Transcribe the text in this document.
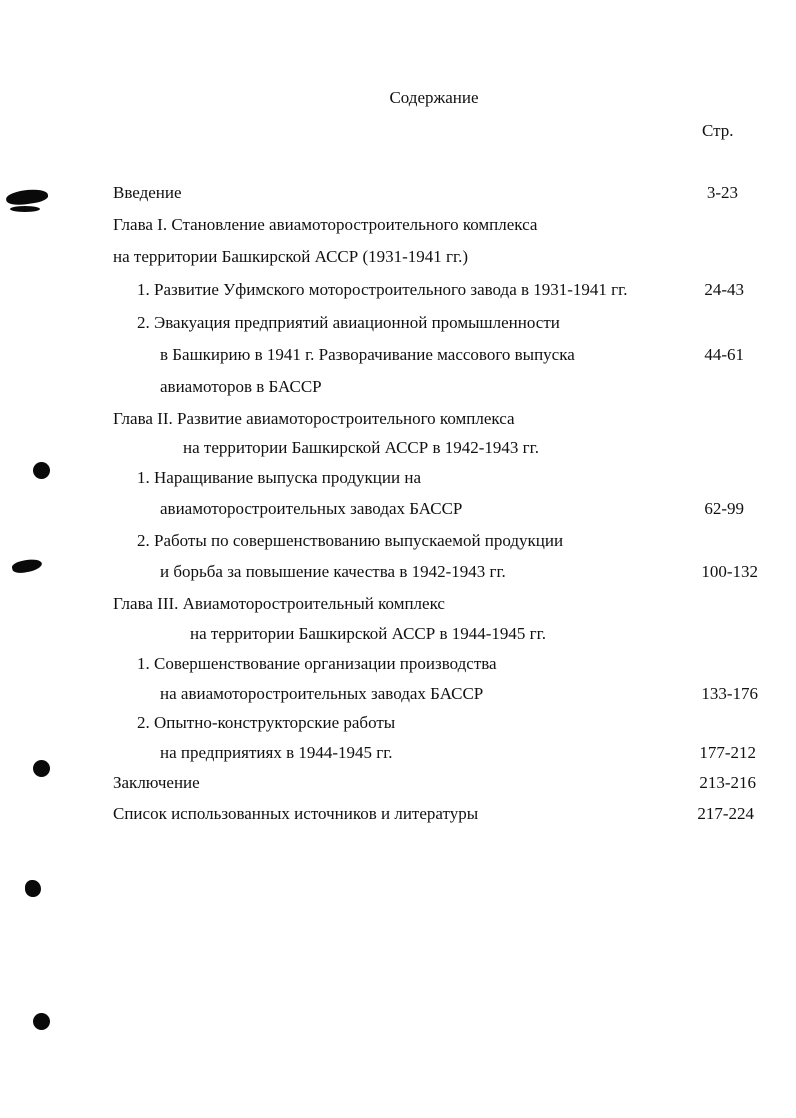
Содержание
Стр.
Введение	3-23
Глава I. Становление авиамоторостроительного комплекса
на территории Башкирской АССР (1931-1941 гг.)
1. Развитие Уфимского моторостроительного завода в 1931-1941 гг.	24-43
2. Эвакуация предприятий авиационной промышленности
в Башкирию в 1941 г. Разворачивание массового выпуска	44-61
авиамоторов в БАССР
Глава II. Развитие авиамоторостроительного комплекса
на территории Башкирской АССР в 1942-1943 гг.
1. Наращивание выпуска продукции на
авиамоторостроительных заводах БАССР	62-99
2. Работы по совершенствованию выпускаемой продукции
и борьба за повышение качества в 1942-1943 гг.	100-132
Глава III. Авиамоторостроительный комплекс
на территории Башкирской АССР в 1944-1945 гг.
1. Совершенствование организации производства
на авиамоторостроительных заводах БАССР	133-176
2. Опытно-конструкторские работы
на предприятиях в 1944-1945 гг.	177-212
Заключение	213-216
Список использованных источников и литературы	217-224
